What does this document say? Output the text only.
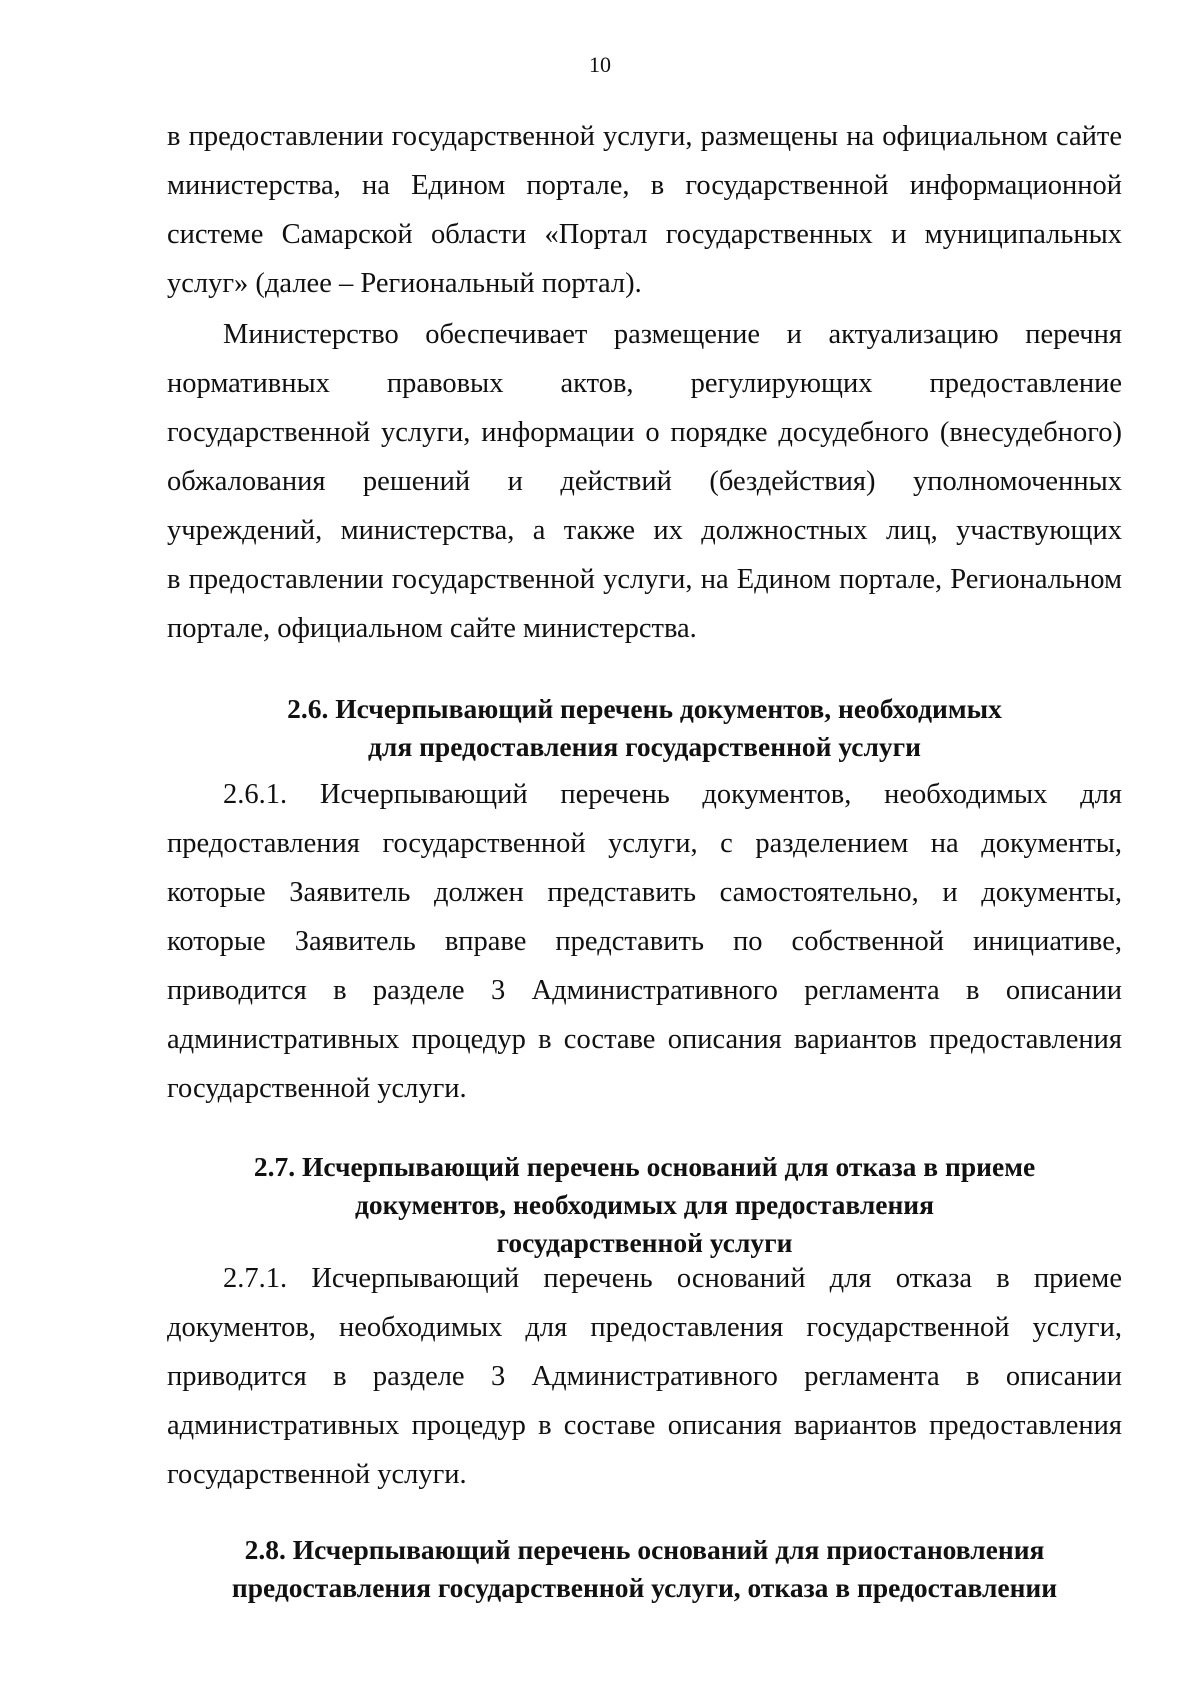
10
в предоставлении государственной услуги, размещены на официальном сайте
министерства, на Едином портале, в государственной информационной
системе Самарской области «Портал государственных и муниципальных
услуг» (далее – Региональный портал).
Министерство обеспечивает размещение и актуализацию перечня
нормативных правовых актов, регулирующих предоставление
государственной услуги, информации о порядке досудебного (внесудебного)
обжалования решений и действий (бездействия) уполномоченных
учреждений, министерства, а также их должностных лиц, участвующих
в предоставлении государственной услуги, на Едином портале, Региональном
портале, официальном сайте министерства.
2.6. Исчерпывающий перечень документов, необходимых
для предоставления государственной услуги
2.6.1. Исчерпывающий перечень документов, необходимых для
предоставления государственной услуги, с разделением на документы,
которые Заявитель должен представить самостоятельно, и документы,
которые Заявитель вправе представить по собственной инициативе,
приводится в разделе 3 Административного регламента в описании
административных процедур в составе описания вариантов предоставления
государственной услуги.
2.7. Исчерпывающий перечень оснований для отказа в приеме
документов, необходимых для предоставления
государственной услуги
2.7.1. Исчерпывающий перечень оснований для отказа в приеме
документов, необходимых для предоставления государственной услуги,
приводится в разделе 3 Административного регламента в описании
административных процедур в составе описания вариантов предоставления
государственной услуги.
2.8. Исчерпывающий перечень оснований для приостановления
предоставления государственной услуги, отказа в предоставлении
